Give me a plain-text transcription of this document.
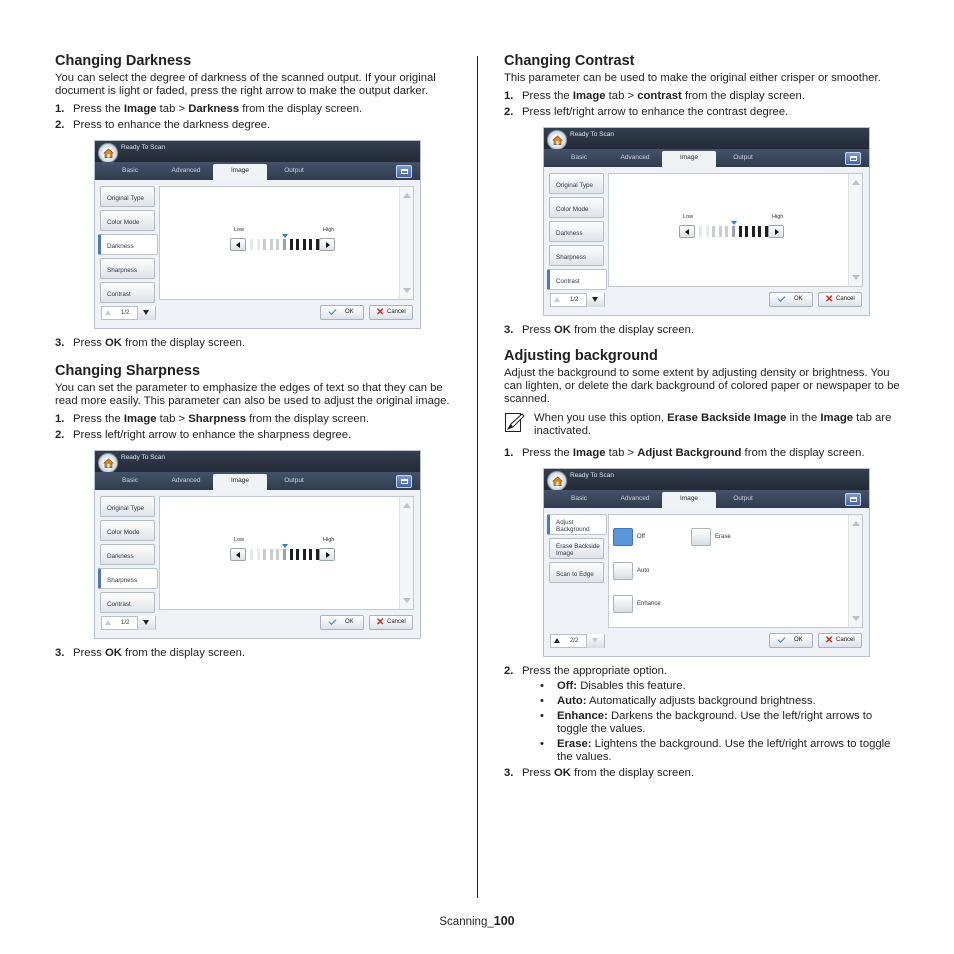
Changing Darkness

You can select the degree of darkness of the scanned output. If your original document is light or faded, press the right arrow to make the output darker.

1. Press the Image tab > Darkness from the display screen.
2. Press to enhance the darkness degree.
Ready To Scan
Basic	Advanced	Image	Output
1/2	OK ✕ Cancel
Original Type
Color Mode
Darkness
Sharpness
Contrast
Low	High
3. Press OK from the display screen.
Changing Sharpness

You can set the parameter to emphasize the edges of text so that they can be read more easily. This parameter can also be used to adjust the original image.

1. Press the Image tab > Sharpness from the display screen.
2. Press left/right arrow to enhance the sharpness degree.
Ready To Scan
Basic	Advanced	Image	Output
1/2	OK ✕ Cancel
Original Type
Color Mode
Darkness
Sharpness
Contrast
Low	High
3. Press OK from the display screen.
Changing Contrast

This parameter can be used to make the original either crisper or smoother.

1. Press the Image tab > contrast from the display screen.
2. Press left/right arrow to enhance the contrast degree.
Ready To Scan
Basic	Advanced	Image	Output
1/2	OK ✕ Cancel
Original Type
Color Mode
Darkness
Sharpness
Contrast
Low	High
3. Press OK from the display screen.
Adjusting background

Adjust the background to some extent by adjusting density or brightness. You can lighten, or delete the dark background of colored paper or newspaper to be scanned.

When you use this option, Erase Backside Image in the Image tab are inactivated.

1. Press the Image tab > Adjust Background from the display screen.
Ready To Scan
Basic	Advanced	Image	Output
2/2	OK ✕ Cancel
Adjust Background
Erase Backside Image
Scan to Edge
Off
Auto
Enhance
Erase
2. Press the appropriate option.
• Off: Disables this feature.
• Auto: Automatically adjusts background brightness.
• Enhance: Darkens the background. Use the left/right arrows to toggle the values.
• Erase: Lightens the background. Use the left/right arrows to toggle the values.
3. Press OK from the display screen.
Scanning_100
